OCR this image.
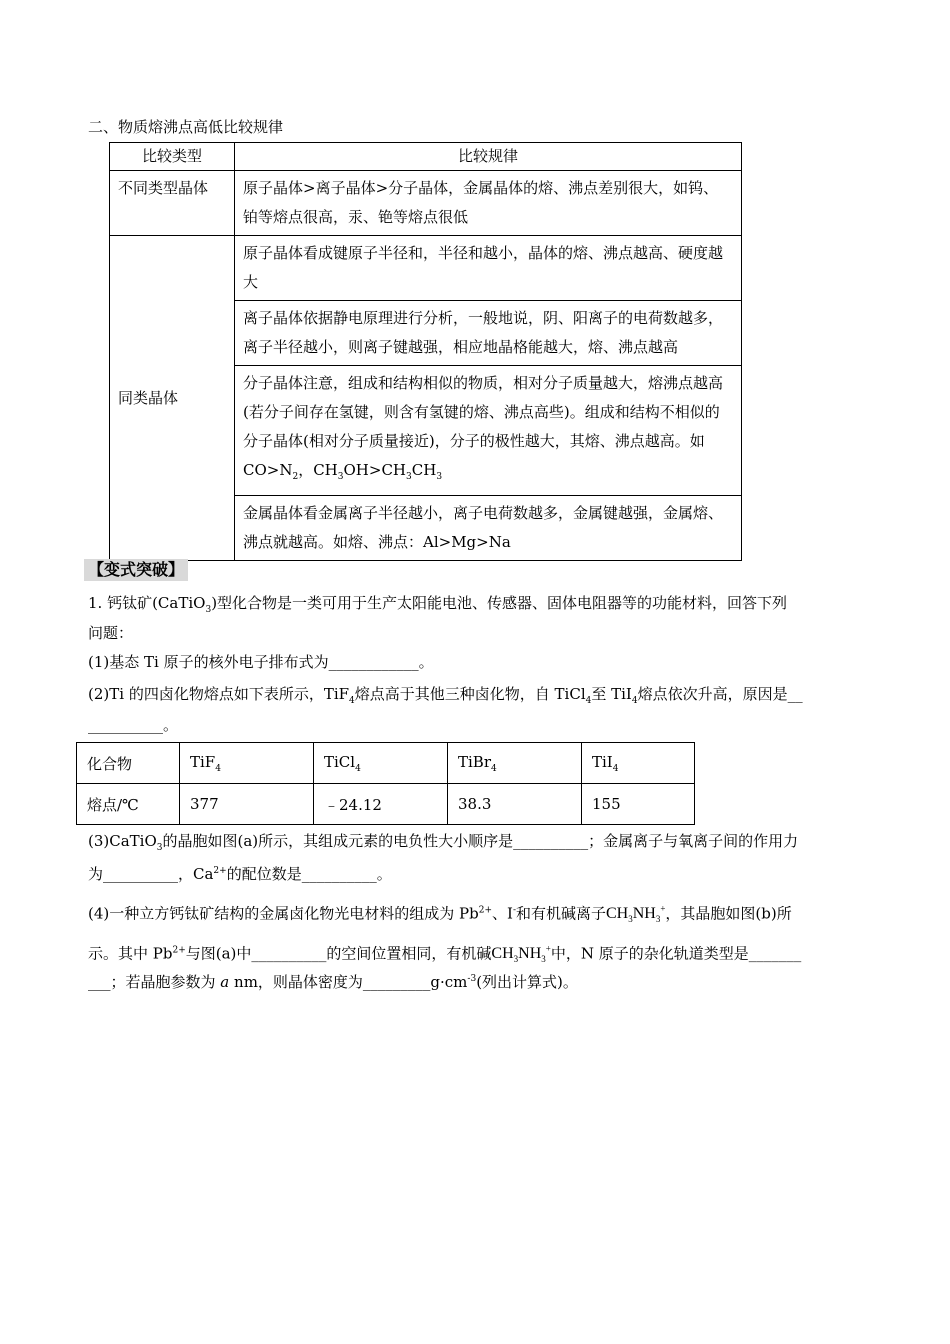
二、物质熔沸点高低比较规律
比较类型	比较规律
不同类型晶体	原子晶体>离子晶体>分子晶体，金属晶体的熔、沸点差别很大，如钨、铂等熔点很高，汞、铯等熔点很低
同类晶体	原子晶体看成键原子半径和，半径和越小，晶体的熔、沸点越高、硬度越大
	离子晶体依据静电原理进行分析，一般地说，阴、阳离子的电荷数越多，离子半径越小，则离子键越强，相应地晶格能越大，熔、沸点越高
	分子晶体注意，组成和结构相似的物质，相对分子质量越大，熔沸点越高(若分子间存在氢键，则含有氢键的熔、沸点高些)。组成和结构不相似的分子晶体(相对分子质量接近)，分子的极性越大，其熔、沸点越高。如 $CO>N_2$，$CH_3OH>CH_3CH_3$
	金属晶体看金属离子半径越小，离子电荷数越多，金属键越强，金属熔、沸点就越高。如熔、沸点：Al>Mg>Na
【变式突破】
1. 钙钛矿(CaTiO$_3$)型化合物是一类可用于生产太阳能电池、传感器、固体电阻器等的功能材料，回答下列
问题：
(1)基态 Ti 原子的核外电子排布式为____________。
(2)Ti 的四卤化物熔点如下表所示，TiF$_4$熔点高于其他三种卤化物，自 TiCl$_4$至 TiI$_4$熔点依次升高，原因是__
__________。
化合物	TiF$_4$	TiCl$_4$	TiBr$_4$	TiI$_4$
熔点/℃	377	﹣24.12	38.3	155
(3)CaTiO$_3$的晶胞如图(a)所示，其组成元素的电负性大小顺序是__________；金属离子与氧离子间的作用力
为__________，$Ca^{2+}$的配位数是__________。
(4)一种立方钙钛矿结构的金属卤化物光电材料的组成为 $Pb^{2+}$、I-和有机碱离子$CH_3NH_3^+$，其晶胞如图(b)所
示。其中 $Pb^{2+}$与图(a)中__________的空间位置相同，有机碱$CH_3NH_3^+$中，N 原子的杂化轨道类型是_______
___；若晶胞参数为 a nm，则晶体密度为$\_\_\_\_\_\_\_\_\_g\cdot cm^{-3}$(列出计算式)。
